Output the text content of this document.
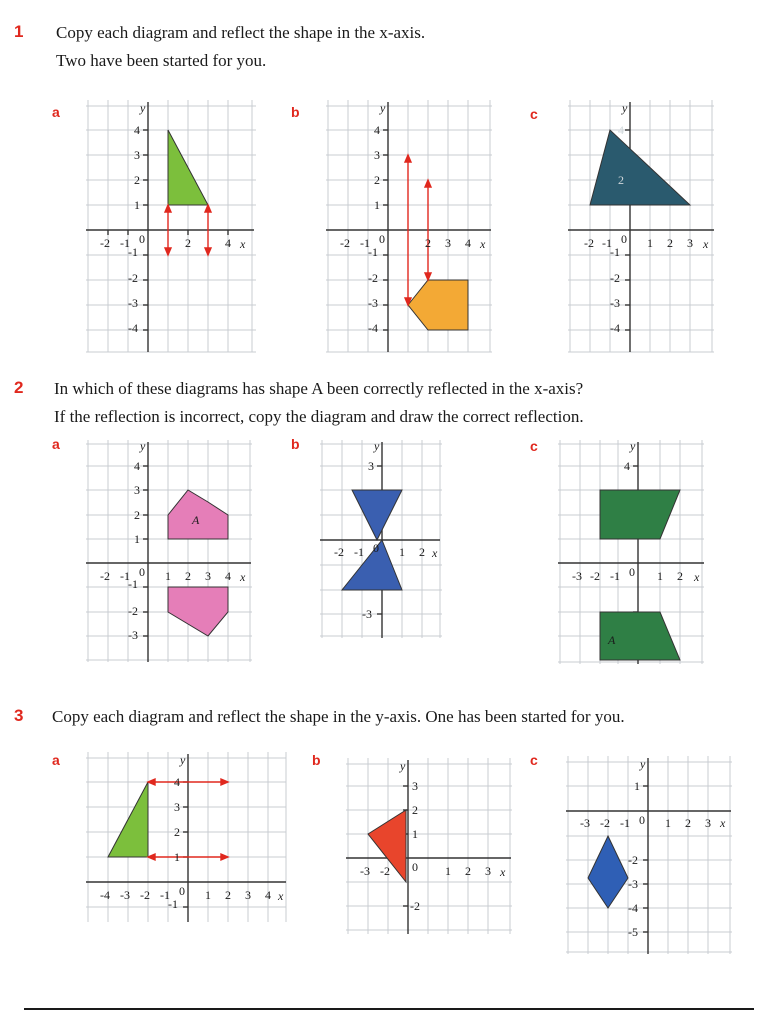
1 Copy each diagram and reflect the shape in the x-axis.
Two have been started for you.
a	b	c
y
x
0
4
3
2
1
-1
-2
-3
-4
-2 -1	2	4
y
x
0
4
3
2
1
-1
-2
-3
-4
-2 -1	2 3 4
y
x
0
4
2
-1
-2
-3
-4
-2 -1	1 2 3
2 In which of these diagrams has shape A been correctly reflected in the x-axis?
If the reflection is incorrect, copy the diagram and draw the correct reflection.
a	b	c
A
y
x
0
4
3
2
1
-1
-2
-3
-2 -1	1 2 3 4
y
x
0
3
-3
-2 -1	1 2
A
y
x
0
4
-3 -2 -1	1 2
3 Copy each diagram and reflect the shape in the y-axis. One has been started for you.
a	b	c
y
x
0
4
3
2
1
-1
-4 -3 -2 -1	1 2 3 4
y
x
0
3
2
1
-2
-3 -2	1 2 3
y
x
0
1
-2
-3
-4
-5
-3 -2 -1	1 2 3
